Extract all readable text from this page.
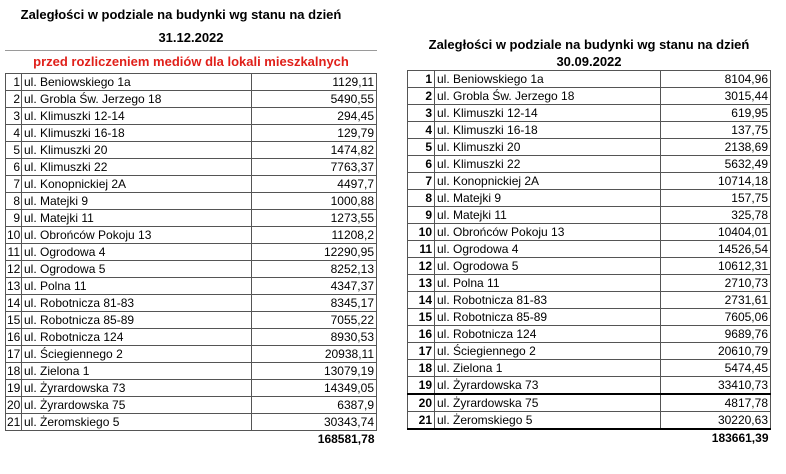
Zaległości w podziale na budynki wg stanu na dzień
31.12.2022
przed rozliczeniem mediów dla lokali mieszkalnych
1	ul. Beniowskiego 1a	1129,11
2	ul. Grobla Św. Jerzego 18	5490,55
3	ul. Klimuszki 12-14	294,45
4	ul. Klimuszki 16-18	129,79
5	ul. Klimuszki 20	1474,82
6	ul. Klimuszki 22	7763,37
7	ul. Konopnickiej 2A	4497,7
8	ul. Matejki 9	1000,88
9	ul. Matejki 11	1273,55
10	ul. Obrońców Pokoju 13	11208,2
11	ul. Ogrodowa 4	12290,95
12	ul. Ogrodowa 5	8252,13
13	ul. Polna 11	4347,37
14	ul. Robotnicza 81-83	8345,17
15	ul. Robotnicza 85-89	7055,22
16	ul. Robotnicza 124	8930,53
17	ul. Ściegiennego 2	20938,11
18	ul. Zielona 1	13079,19
19	ul. Żyrardowska 73	14349,05
20	ul. Żyrardowska 75	6387,9
21	ul. Żeromskiego 5	30343,74
		168581,78
Zaległości w podziale na budynki wg stanu na dzień
30.09.2022
1	ul. Beniowskiego 1a	8104,96
2	ul. Grobla Św. Jerzego 18	3015,44
3	ul. Klimuszki 12-14	619,95
4	ul. Klimuszki 16-18	137,75
5	ul. Klimuszki 20	2138,69
6	ul. Klimuszki 22	5632,49
7	ul. Konopnickiej 2A	10714,18
8	ul. Matejki 9	157,75
9	ul. Matejki 11	325,78
10	ul. Obrońców Pokoju 13	10404,01
11	ul. Ogrodowa 4	14526,54
12	ul. Ogrodowa 5	10612,31
13	ul. Polna 11	2710,73
14	ul. Robotnicza 81-83	2731,61
15	ul. Robotnicza 85-89	7605,06
16	ul. Robotnicza 124	9689,76
17	ul. Ściegiennego 2	20610,79
18	ul. Zielona 1	5474,45
19	ul. Żyrardowska 73	33410,73
20	ul. Żyrardowska 75	4817,78
21	ul. Żeromskiego 5	30220,63
		183661,39
